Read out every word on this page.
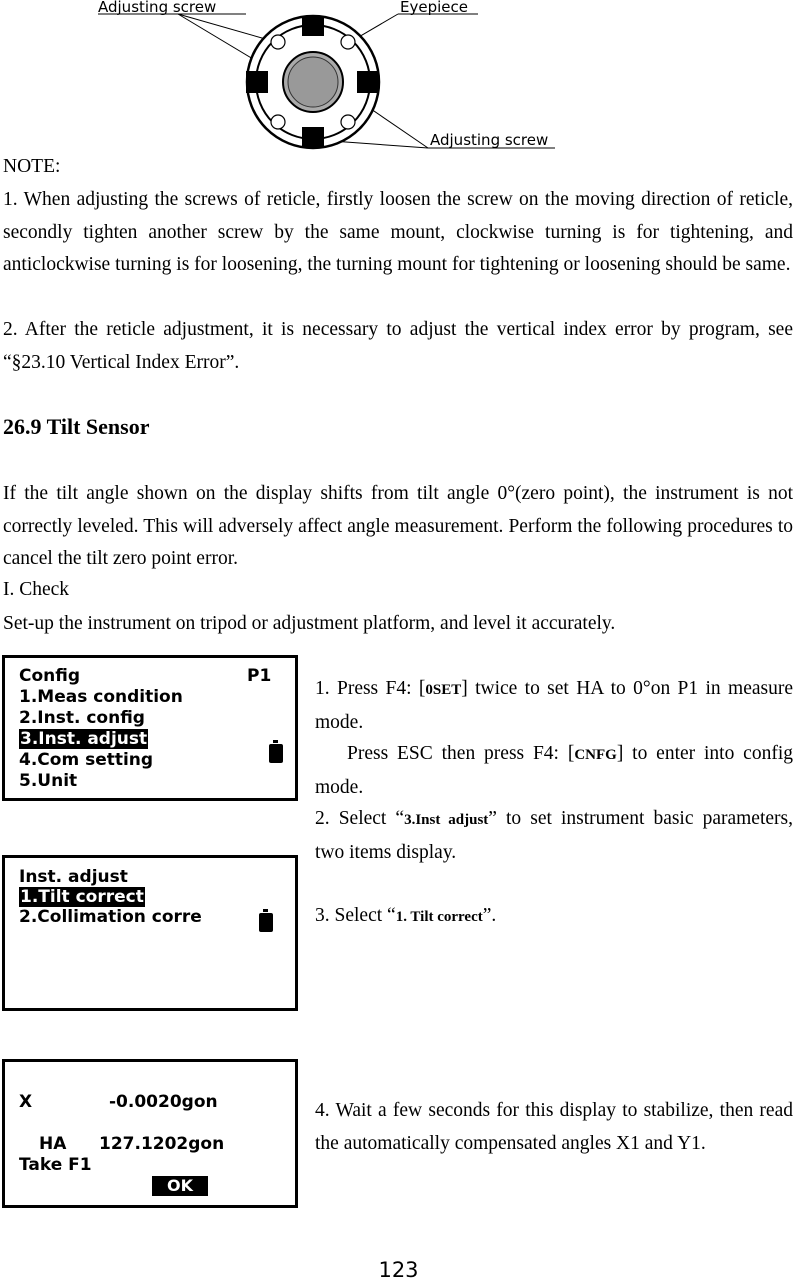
Adjusting screw	Eyepiece
Adjusting screw
NOTE:

1. When adjusting the screws of reticle, firstly loosen the screw on the moving direction of reticle, secondly tighten another screw by the same mount, clockwise turning is for tightening, and anticlockwise turning is for loosening, the turning mount for tightening or loosening should be same.

2. After the reticle adjustment, it is necessary to adjust the vertical index error by program, see “§23.10 Vertical Index Error”.

26.9 Tilt Sensor

If the tilt angle shown on the display shifts from tilt angle 0°(zero point), the instrument is not correctly leveled. This will adversely affect angle measurement. Perform the following procedures to cancel the tilt zero point error.

I. Check
Set-up the instrument on tripod or adjustment platform, and level it accurately.
Config	P1
1.Meas condition
2.Inst. config
3.Inst. adjust
4.Com setting
5.Unit
Inst. adjust
1.Tilt correct
2.Collimation corre
X	-0.0020gon
HA 127.1202gon
Take F1
OK

1. Press F4: [0SET] twice to set HA to 0°on P1 in measure mode.

Press ESC then press F4: [CNFG] to enter into config mode.

2. Select “3.Inst adjust” to set instrument basic parameters, two items display.

3. Select “1. Tilt correct”.

4. Wait a few seconds for this display to stabilize, then read the automatically compensated angles X1 and Y1.

123
